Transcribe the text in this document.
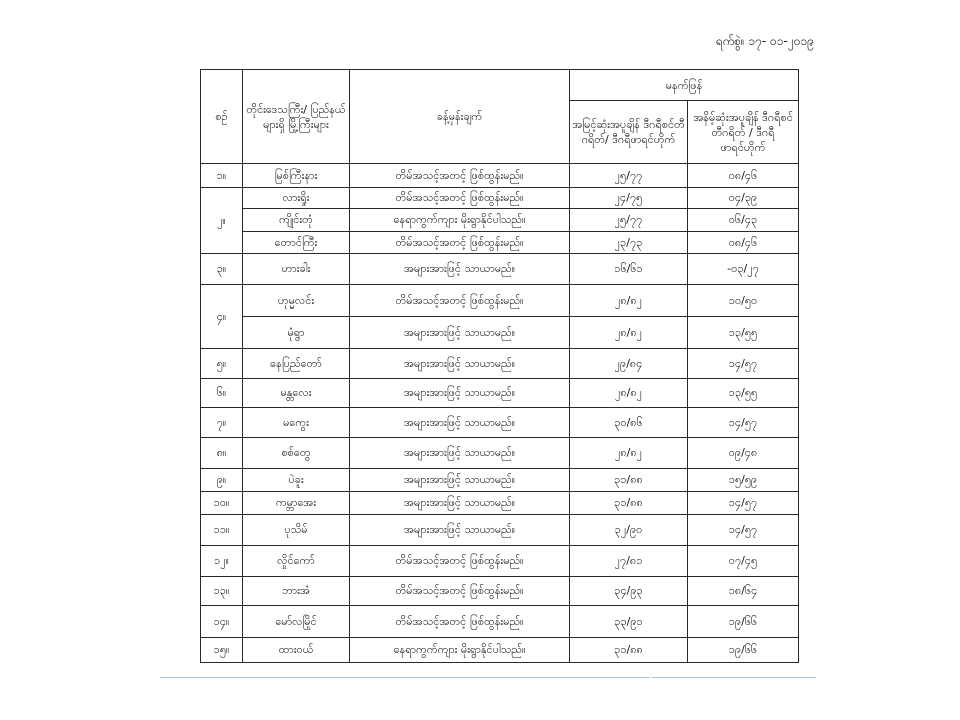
ရက်စွဲ။ ၁၇- ၀၁-၂၀၁၉
စဉ်	တိုင်းဒေသကြီး/ ပြည်နယ်များရှိ မြို့ကြီးများ	ခန့်မှန်းချက်	မနက်ဖြန်	
			အမြင့်ဆုံးအပူချိန် ဒီဂရီစင်တီဂရိတ်/ ဒီဂရီဖာရင်ဟိုက်	အနိမ့်ဆုံးအပူချိန် ဒီဂရီစင်တီဂရိတ် / ဒီဂရီဖာရင်ဟိုက်
၁။	မြစ်ကြီးနား	တိမ်အသင့်အတင့် ဖြစ်ထွန်းမည်။	၂၅/၇၇	၀၈/၄၆
၂။	လားရှိုး	တိမ်အသင့်အတင့် ဖြစ်ထွန်းမည်။	၂၄/၇၅	၀၄/၃၉
	ကျိုင်းတုံ	နေရာကွက်ကျား မိုးရွာနိုင်ပါသည်။	၂၅/၇၇	၀၆/၄၃
	တောင်ကြီး	တိမ်အသင့်အတင့် ဖြစ်ထွန်းမည်။	၂၃/၇၃	၀၈/၄၆
၃။	ဟားခါး	အများအားဖြင့် သာယာမည်။	၁၆/၆၁	-၀၃/၂၇
၄။	ဟုမ္မလင်း	တိမ်အသင့်အတင့် ဖြစ်ထွန်းမည်။	၂၈/၈၂	၁၀/၅၀
	မုံရွာ	အများအားဖြင့် သာယာမည်။	၂၈/၈၂	၁၃/၅၅
၅။	နေပြည်တော်	အများအားဖြင့် သာယာမည်။	၂၉/၈၄	၁၄/၅၇
၆။	မန္တလေး	အများအားဖြင့် သာယာမည်။	၂၈/၈၂	၁၃/၅၅
၇။	မကွေး	အများအားဖြင့် သာယာမည်။	၃၀/၈၆	၁၄/၅၇
၈။	စစ်တွေ	အများအားဖြင့် သာယာမည်။	၂၈/၈၂	၀၉/၄၈
၉။	ပဲခူး	အများအားဖြင့် သာယာမည်။	၃၁/၈၈	၁၅/၅၉
၁၀။	ကမ္ဘာအေး	အများအားဖြင့် သာယာမည်။	၃၁/၈၈	၁၄/၅၇
၁၁။	ပုသိမ်	အများအားဖြင့် သာယာမည်။	၃၂/၉၀	၁၄/၅၇
၁၂။	လှိုင်ကော်	တိမ်အသင့်အတင့် ဖြစ်ထွန်းမည်။	၂၇/၈၁	၀၇/၄၅
၁၃။	ဘားအံ	တိမ်အသင့်အတင့် ဖြစ်ထွန်းမည်။	၃၄/၉၃	၁၈/၆၄
၁၄။	မော်လမြိုင်	တိမ်အသင့်အတင့် ဖြစ်ထွန်းမည်။	၃၃/၉၁	၁၉/၆၆
၁၅။	ထားဝယ်	နေရာကွက်ကျား မိုးရွာနိုင်ပါသည်။	၃၁/၈၈	၁၉/၆၆
